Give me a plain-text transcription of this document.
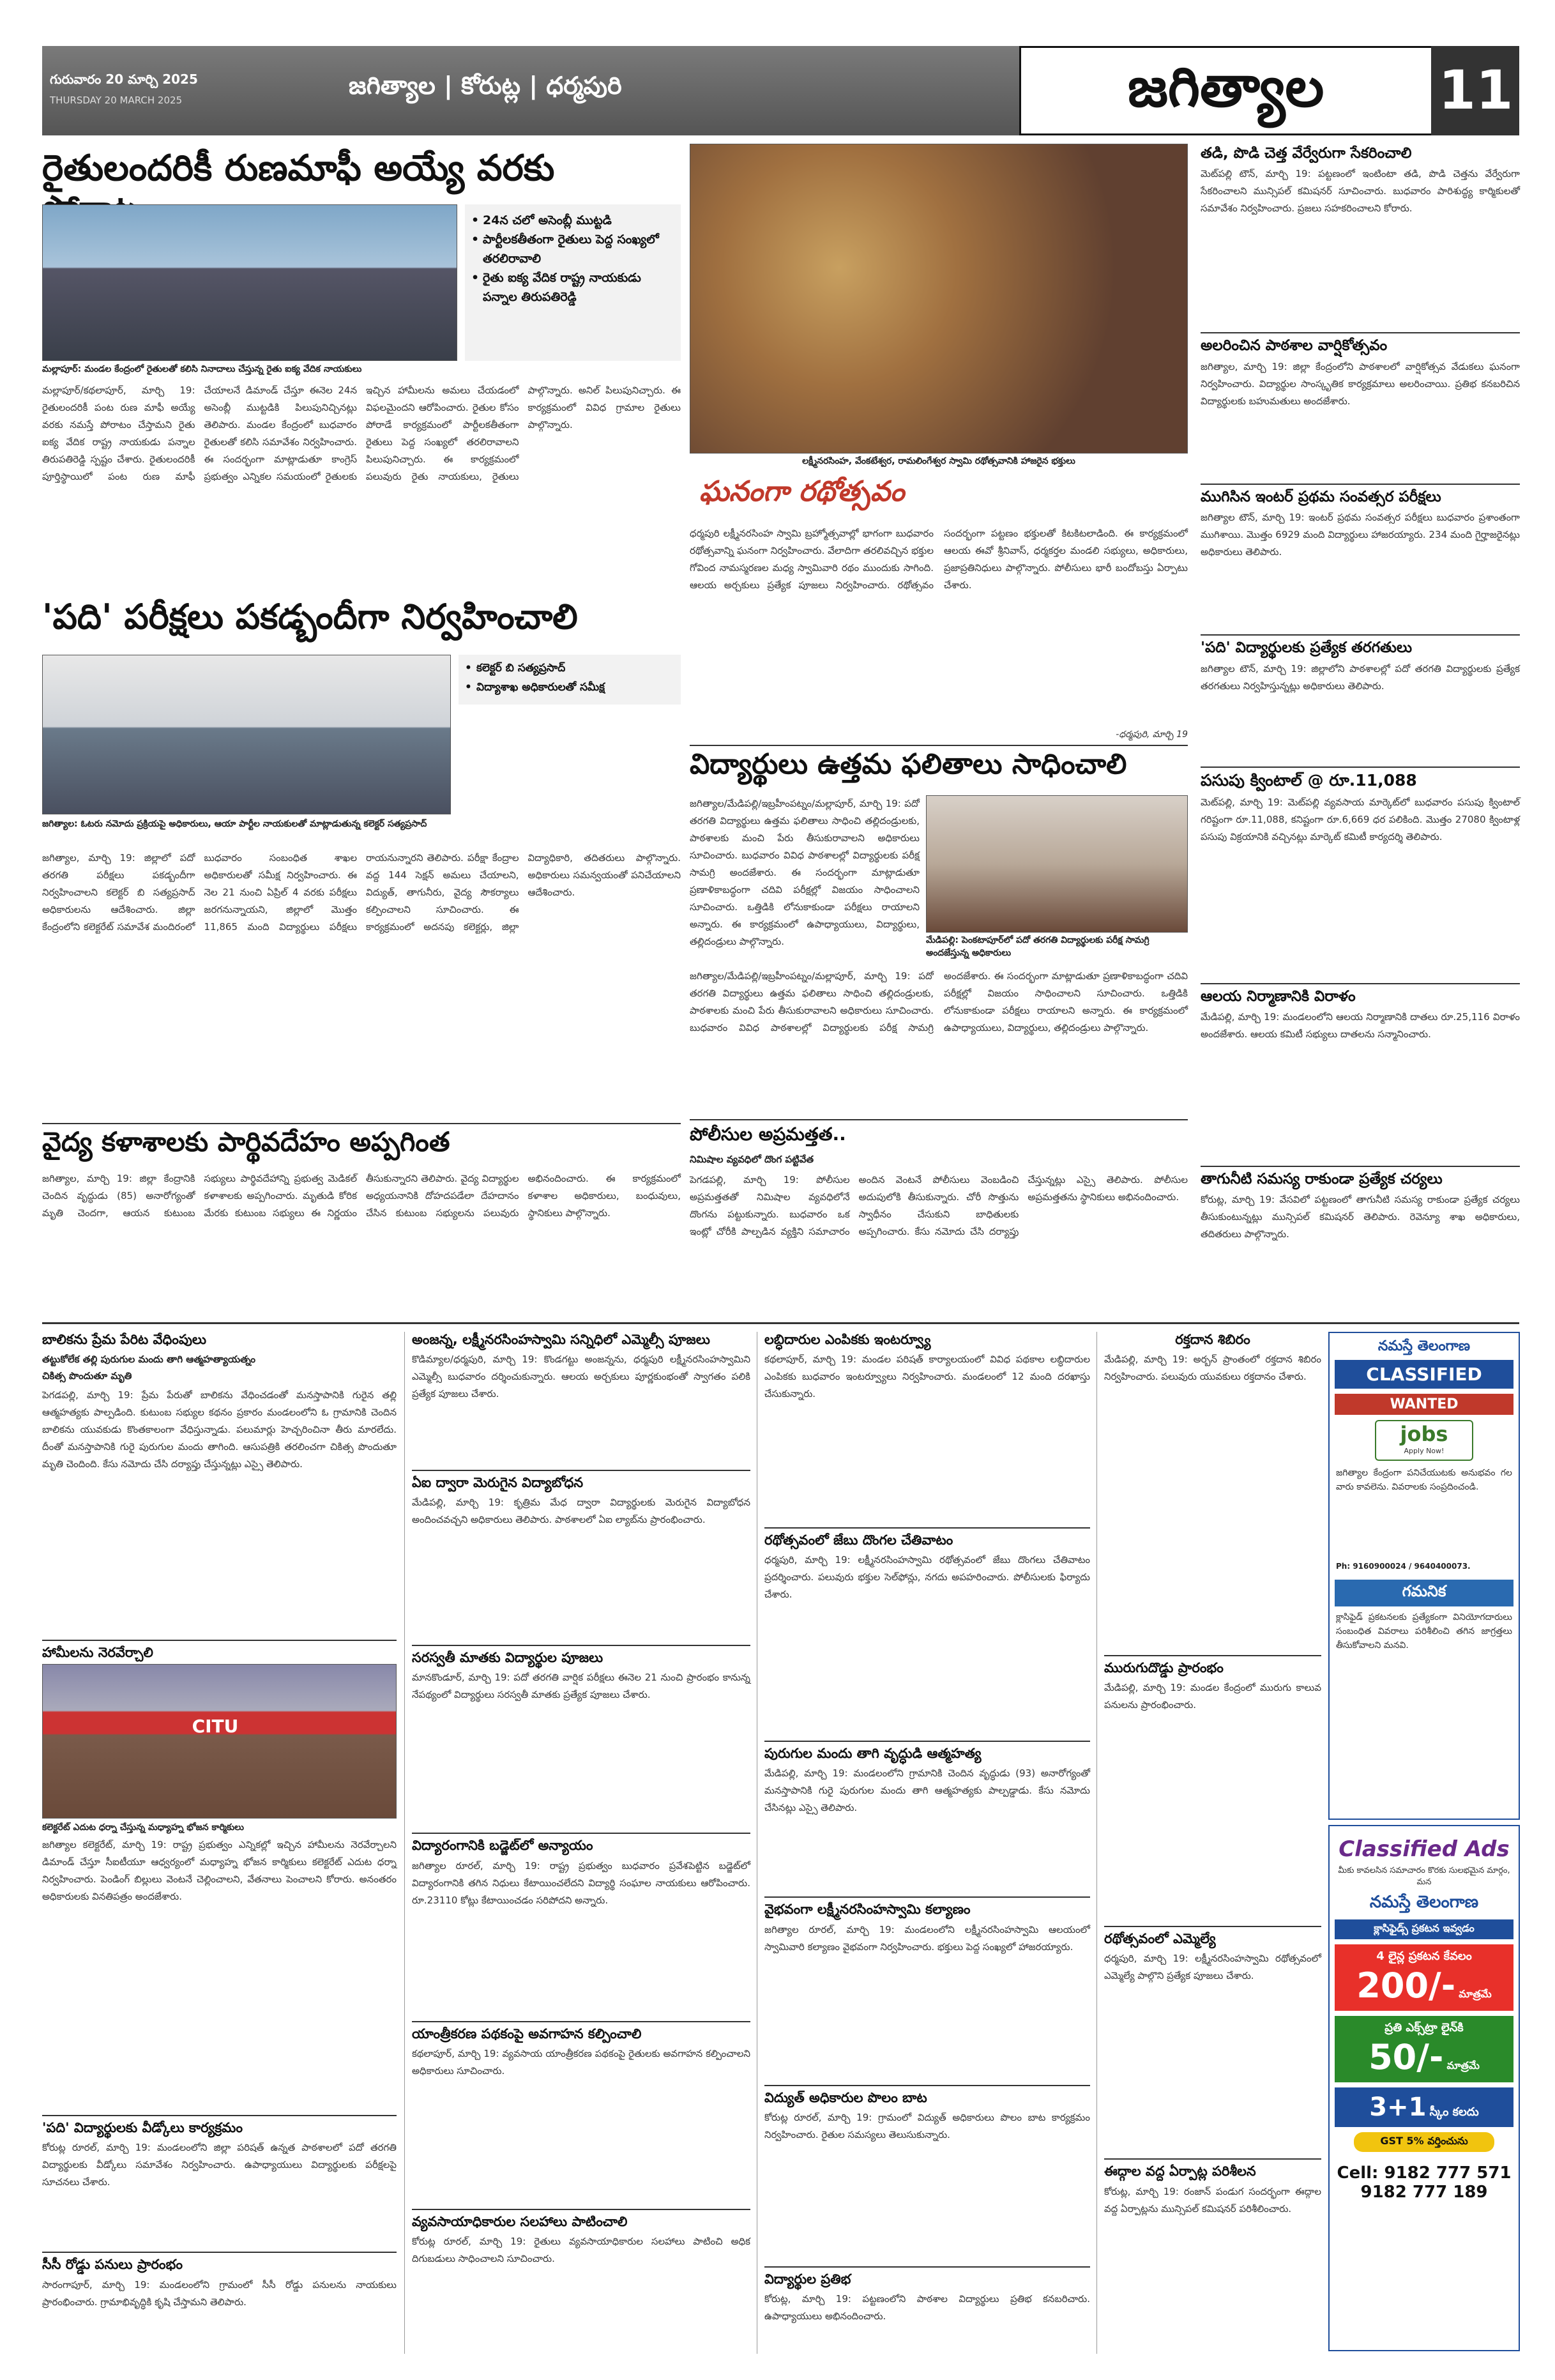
గురువారం 20 మార్చి 2025
THURSDAY 20 MARCH 2025
జగిత్యాల | కోరుట్ల | ధర్మపురి	జగిత్యాల	11
రైతులందరికీ రుణమాఫీ అయ్యే వరకు
• 24న చలో అసెంబ్లీ ముట్టడి
• పార్టీలకతీతంగా రైతులు పెద్ద సంఖ్యలో తరలిరావాలి
• రైతు ఐక్య వేదిక రాష్ట్ర నాయకుడు పన్నాల తిరుపతిరెడ్డి
మల్లాపూర్: మండల కేంద్రంలో రైతులతో కలిసి నినాదాలు చేస్తున్న రైతు ఐక్య వేదిక నాయకులు
మల్లాపూర్/కథలాపూర్, మార్చి 19: రైతులందరికీ పంట రుణ మాఫీ అయ్యే వరకు నమస్తే పోరాటం చేస్తామని రైతు ఐక్య వేదిక రాష్ట్ర నాయకుడు పన్నాల తిరుపతిరెడ్డి స్పష్టం చేశారు. రైతులందరికీ పూర్తిస్థాయిలో పంట రుణ మాఫీ చేయాలనే డిమాండ్‌ చేస్తూ ఈనెల 24న అసెంబ్లీ ముట్టడికి పిలుపునిచ్చినట్లు తెలిపారు. మండల కేంద్రంలో బుధవారం రైతులతో కలిసి సమావేశం నిర్వహించారు. ఈ సందర్భంగా మాట్లాడుతూ కాంగ్రెస్‌ ప్రభుత్వం ఎన్నికల సమయంలో రైతులకు ఇచ్చిన హామీలను అమలు చేయడంలో విఫలమైందని ఆరోపించారు. రైతుల కోసం పోరాడే కార్యక్రమంలో పార్టీలకతీతంగా రైతులు పెద్ద సంఖ్యలో తరలిరావాలని పిలుపునిచ్చారు. ఈ కార్యక్రమంలో పలువురు రైతు నాయకులు, రైతులు పాల్గొన్నారు. అనిల్ పిలుపునిచ్చారు. ఈ కార్యక్రమంలో వివిధ గ్రామాల రైతులు పాల్గొన్నారు.
'పది' పరీక్షలు పకడ్బందీగా నిర్వహించాలి
• కలెక్టర్ బి సత్యప్రసాద్
• విద్యాశాఖ అధికారులతో సమీక్ష
జగిత్యాల: ఓటరు నమోదు ప్రక్రియపై అధికారులు, ఆయా పార్టీల నాయకులతో మాట్లాడుతున్న కలెక్టర్ సత్యప్రసాద్
జగిత్యాల, మార్చి 19: జిల్లాలో పదో తరగతి పరీక్షలు పకడ్బందీగా నిర్వహించాలని కలెక్టర్ బి సత్యప్రసాద్ అధికారులను ఆదేశించారు. జిల్లా కేంద్రంలోని కలెక్టరేట్ సమావేశ మందిరంలో బుధవారం సంబంధిత శాఖల అధికారులతో సమీక్ష నిర్వహించారు. ఈ నెల 21 నుంచి ఏప్రిల్ 4 వరకు పరీక్షలు జరగనున్నాయని, జిల్లాలో మొత్తం 11,865 మంది విద్యార్థులు పరీక్షలు రాయనున్నారని తెలిపారు. పరీక్షా కేంద్రాల వద్ద 144 సెక్షన్ అమలు చేయాలని, విద్యుత్, తాగునీరు, వైద్య సౌకర్యాలు కల్పించాలని సూచించారు. ఈ కార్యక్రమంలో అదనపు కలెక్టర్లు, జిల్లా విద్యాధికారి, తదితరులు పాల్గొన్నారు. అధికారులు సమన్వయంతో పనిచేయాలని ఆదేశించారు.
వైద్య కళాశాలకు పార్థివదేహం అప్పగింత
జగిత్యాల, మార్చి 19: జిల్లా కేంద్రానికి చెందిన వృద్ధుడు (85) అనారోగ్యంతో మృతి చెందగా, ఆయన కుటుంబ సభ్యులు పార్థివదేహాన్ని ప్రభుత్వ మెడికల్ కళాశాలకు అప్పగించారు. మృతుడి కోరిక మేరకు కుటుంబ సభ్యులు ఈ నిర్ణయం తీసుకున్నారని తెలిపారు. వైద్య విద్యార్థుల అధ్యయనానికి దోహదపడేలా దేహదానం చేసిన కుటుంబ సభ్యులను పలువురు అభినందించారు. ఈ కార్యక్రమంలో కళాశాల అధికారులు, బంధువులు, స్థానికులు పాల్గొన్నారు.
లక్ష్మీనరసింహ, వేంకటేశ్వర, రామలింగేశ్వర స్వామి రథోత్సవానికి హాజరైన భక్తులు
ఘనంగా రథోత్సవం
ధర్మపురి లక్ష్మీనరసింహ స్వామి బ్రహ్మోత్సవాల్లో భాగంగా బుధవారం రథోత్సవాన్ని ఘనంగా నిర్వహించారు. వేలాదిగా తరలివచ్చిన భక్తుల గోవింద నామస్మరణల మధ్య స్వామివారి రథం ముందుకు సాగింది. ఆలయ అర్చకులు ప్రత్యేక పూజలు నిర్వహించారు. రథోత్సవం సందర్భంగా పట్టణం భక్తులతో కిటకిటలాడింది. ఈ కార్యక్రమంలో ఆలయ ఈవో శ్రీనివాస్, ధర్మకర్తల మండలి సభ్యులు, అధికారులు, ప్రజాప్రతినిధులు పాల్గొన్నారు. పోలీసులు భారీ బందోబస్తు ఏర్పాటు చేశారు.
-ధర్మపురి, మార్చి 19
విద్యార్థులు ఉత్తమ ఫలితాలు సాధించాలి
జగిత్యాల/మేడిపల్లి/ఇబ్రహీంపట్నం/మల్లాపూర్, మార్చి 19: పదో తరగతి విద్యార్థులు ఉత్తమ ఫలితాలు సాధించి తల్లిదండ్రులకు, పాఠశాలకు మంచి పేరు తీసుకురావాలని అధికారులు సూచించారు. బుధవారం వివిధ పాఠశాలల్లో విద్యార్థులకు పరీక్ష సామగ్రి అందజేశారు. ఈ సందర్భంగా మాట్లాడుతూ ప్రణాళికాబద్ధంగా చదివి పరీక్షల్లో విజయం సాధించాలని సూచించారు. ఒత్తిడికి లోనుకాకుండా పరీక్షలు రాయాలని అన్నారు. ఈ కార్యక్రమంలో ఉపాధ్యాయులు, విద్యార్థులు, తల్లిదండ్రులు పాల్గొన్నారు.	మేడిపల్లి: పెంకటాపూర్‌లో పదో తరగతి విద్యార్థులకు పరీక్ష సామగ్రి అందజేస్తున్న అధికారులు
జగిత్యాల/మేడిపల్లి/ఇబ్రహీంపట్నం/మల్లాపూర్, మార్చి 19: పదో తరగతి విద్యార్థులు ఉత్తమ ఫలితాలు సాధించి తల్లిదండ్రులకు, పాఠశాలకు మంచి పేరు తీసుకురావాలని అధికారులు సూచించారు. బుధవారం వివిధ పాఠశాలల్లో విద్యార్థులకు పరీక్ష సామగ్రి అందజేశారు. ఈ సందర్భంగా మాట్లాడుతూ ప్రణాళికాబద్ధంగా చదివి పరీక్షల్లో విజయం సాధించాలని సూచించారు. ఒత్తిడికి లోనుకాకుండా పరీక్షలు రాయాలని అన్నారు. ఈ కార్యక్రమంలో ఉపాధ్యాయులు, విద్యార్థులు, తల్లిదండ్రులు పాల్గొన్నారు.
పోలీసుల అప్రమత్తత..
నిమిషాల వ్యవధిలో దొంగ పట్టివేత
పెగడపల్లి, మార్చి 19: పోలీసుల అప్రమత్తతతో నిమిషాల వ్యవధిలోనే దొంగను పట్టుకున్నారు. బుధవారం ఒక ఇంట్లో చోరీకి పాల్పడిన వ్యక్తిని సమాచారం అందిన వెంటనే పోలీసులు వెంబడించి అదుపులోకి తీసుకున్నారు. చోరీ సొత్తును స్వాధీనం చేసుకుని బాధితులకు అప్పగించారు. కేసు నమోదు చేసి దర్యాప్తు చేస్తున్నట్లు ఎస్సై తెలిపారు. పోలీసుల అప్రమత్తతను స్థానికులు అభినందించారు.
తడి, పొడి చెత్త వేర్వేరుగా సేకరించాలి
మెట్‌పల్లి టౌన్, మార్చి 19: పట్టణంలో ఇంటింటా తడి, పొడి చెత్తను వేర్వేరుగా సేకరించాలని మున్సిపల్ కమిషనర్ సూచించారు. బుధవారం పారిశుద్ధ్య కార్మికులతో సమావేశం నిర్వహించారు. ప్రజలు సహకరించాలని కోరారు.
అలరించిన పాఠశాల వార్షికోత్సవం
జగిత్యాల, మార్చి 19: జిల్లా కేంద్రంలోని పాఠశాలలో వార్షికోత్సవ వేడుకలు ఘనంగా నిర్వహించారు. విద్యార్థుల సాంస్కృతిక కార్యక్రమాలు అలరించాయి. ప్రతిభ కనబరిచిన విద్యార్థులకు బహుమతులు అందజేశారు.
ముగిసిన ఇంటర్ ప్రథమ సంవత్సర పరీక్షలు
జగిత్యాల టౌన్, మార్చి 19: ఇంటర్ ప్రథమ సంవత్సర పరీక్షలు బుధవారం ప్రశాంతంగా ముగిశాయి. మొత్తం 6929 మంది విద్యార్థులు హాజరయ్యారు. 234 మంది గైర్హాజరైనట్లు అధికారులు తెలిపారు.
'పది' విద్యార్థులకు ప్రత్యేక తరగతులు
జగిత్యాల టౌన్, మార్చి 19: జిల్లాలోని పాఠశాలల్లో పదో తరగతి విద్యార్థులకు ప్రత్యేక తరగతులు నిర్వహిస్తున్నట్లు అధికారులు తెలిపారు.
పసుపు క్వింటాల్ @ రూ.11,088
మెట్‌పల్లి, మార్చి 19: మెట్‌పల్లి వ్యవసాయ మార్కెట్‌లో బుధవారం పసుపు క్వింటాల్ గరిష్టంగా రూ.11,088, కనిష్టంగా రూ.6,669 ధర పలికింది. మొత్తం 27080 క్వింటాళ్ల పసుపు విక్రయానికి వచ్చినట్లు మార్కెట్ కమిటీ కార్యదర్శి తెలిపారు.
ఆలయ నిర్మాణానికి విరాళం
మేడిపల్లి, మార్చి 19: మండలంలోని ఆలయ నిర్మాణానికి దాతలు రూ.25,116 విరాళం అందజేశారు. ఆలయ కమిటీ సభ్యులు దాతలను సన్మానించారు.
తాగునీటి సమస్య రాకుండా ప్రత్యేక చర్యలు
కోరుట్ల, మార్చి 19: వేసవిలో పట్టణంలో తాగునీటి సమస్య రాకుండా ప్రత్యేక చర్యలు తీసుకుంటున్నట్లు మున్సిపల్ కమిషనర్ తెలిపారు. రెవెన్యూ శాఖ అధికారులు, తదితరులు పాల్గొన్నారు.
బాలికను ప్రేమ పేరిట వేధింపులు
తట్టుకోలేక తల్లి పురుగుల మందు తాగి ఆత్మహత్యాయత్నం
చికిత్స పొందుతూ మృతి
పెగడపల్లి, మార్చి 19: ప్రేమ పేరుతో బాలికను వేధించడంతో మనస్తాపానికి గురైన తల్లి ఆత్మహత్యకు పాల్పడింది. కుటుంబ సభ్యుల కథనం ప్రకారం మండలంలోని ఓ గ్రామానికి చెందిన బాలికను యువకుడు కొంతకాలంగా వేధిస్తున్నాడు. పలుమార్లు హెచ్చరించినా తీరు మారలేదు. దీంతో మనస్తాపానికి గురై పురుగుల మందు తాగింది. ఆసుపత్రికి తరలించగా చికిత్స పొందుతూ మృతి చెందింది. కేసు నమోదు చేసి దర్యాప్తు చేస్తున్నట్లు ఎస్సై తెలిపారు.
హామీలను నెరవేర్చాలి
CITU
కలెక్టరేట్ ఎదుట ధర్నా చేస్తున్న మధ్యాహ్న భోజన కార్మికులు
జగిత్యాల కలెక్టరేట్, మార్చి 19: రాష్ట్ర ప్రభుత్వం ఎన్నికల్లో ఇచ్చిన హామీలను నెరవేర్చాలని డిమాండ్ చేస్తూ సీఐటీయూ ఆధ్వర్యంలో మధ్యాహ్న భోజన కార్మికులు కలెక్టరేట్ ఎదుట ధర్నా నిర్వహించారు. పెండింగ్ బిల్లులు వెంటనే చెల్లించాలని, వేతనాలు పెంచాలని కోరారు. అనంతరం అధికారులకు వినతిపత్రం అందజేశారు.
'పది' విద్యార్థులకు వీడ్కోలు కార్యక్రమం
కోరుట్ల రూరల్, మార్చి 19: మండలంలోని జిల్లా పరిషత్ ఉన్నత పాఠశాలలో పదో తరగతి విద్యార్థులకు వీడ్కోలు సమావేశం నిర్వహించారు. ఉపాధ్యాయులు విద్యార్థులకు పరీక్షలపై సూచనలు చేశారు.
సీసీ రోడ్డు పనులు ప్రారంభం
సారంగాపూర్, మార్చి 19: మండలంలోని గ్రామంలో సీసీ రోడ్డు పనులను నాయకులు ప్రారంభించారు. గ్రామాభివృద్ధికి కృషి చేస్తామని తెలిపారు.
అంజన్న, లక్ష్మీనరసింహస్వామి సన్నిధిలో ఎమ్మెల్సీ పూజలు
కొడిమ్యాల/ధర్మపురి, మార్చి 19: కొండగట్టు అంజన్నను, ధర్మపురి లక్ష్మీనరసింహస్వామిని ఎమ్మెల్సీ బుధవారం దర్శించుకున్నారు. ఆలయ అర్చకులు పూర్ణకుంభంతో స్వాగతం పలికి ప్రత్యేక పూజలు చేశారు.
ఏఐ ద్వారా మెరుగైన విద్యాబోధన
మేడిపల్లి, మార్చి 19: కృత్రిమ మేధ ద్వారా విద్యార్థులకు మెరుగైన విద్యాబోధన అందించవచ్చని అధికారులు తెలిపారు. పాఠశాలలో ఏఐ ల్యాబ్‌ను ప్రారంభించారు.
సరస్వతీ మాతకు విద్యార్థుల పూజలు
మానకొండూర్, మార్చి 19: పదో తరగతి వార్షిక పరీక్షలు ఈనెల 21 నుంచి ప్రారంభం కానున్న నేపథ్యంలో విద్యార్థులు సరస్వతీ మాతకు ప్రత్యేక పూజలు చేశారు.
విద్యారంగానికి బడ్జెట్‌లో అన్యాయం
జగిత్యాల రూరల్, మార్చి 19: రాష్ట్ర ప్రభుత్వం బుధవారం ప్రవేశపెట్టిన బడ్జెట్‌లో విద్యారంగానికి తగిన నిధులు కేటాయించలేదని విద్యార్థి సంఘాల నాయకులు ఆరోపించారు. రూ.23110 కోట్లు కేటాయించడం సరిపోదని అన్నారు.
యాంత్రీకరణ పథకంపై అవగాహన కల్పించాలి
కథలాపూర్, మార్చి 19: వ్యవసాయ యాంత్రీకరణ పథకంపై రైతులకు అవగాహన కల్పించాలని అధికారులు సూచించారు.
వ్యవసాయాధికారుల సలహాలు పాటించాలి
కోరుట్ల రూరల్, మార్చి 19: రైతులు వ్యవసాయాధికారుల సలహాలు పాటించి అధిక దిగుబడులు సాధించాలని సూచించారు.
లబ్ధిదారుల ఎంపికకు ఇంటర్వ్యూ
కథలాపూర్, మార్చి 19: మండల పరిషత్ కార్యాలయంలో వివిధ పథకాల లబ్ధిదారుల ఎంపికకు బుధవారం ఇంటర్వ్యూలు నిర్వహించారు. మండలంలో 12 మంది దరఖాస్తు చేసుకున్నారు.
రథోత్సవంలో జేబు దొంగల చేతివాటం
ధర్మపురి, మార్చి 19: లక్ష్మీనరసింహస్వామి రథోత్సవంలో జేబు దొంగలు చేతివాటం ప్రదర్శించారు. పలువురు భక్తుల సెల్‌ఫోన్లు, నగదు అపహరించారు. పోలీసులకు ఫిర్యాదు చేశారు.
పురుగుల మందు తాగి వృద్ధుడి ఆత్మహత్య
మేడిపల్లి, మార్చి 19: మండలంలోని గ్రామానికి చెందిన వృద్ధుడు (93) అనారోగ్యంతో మనస్తాపానికి గురై పురుగుల మందు తాగి ఆత్మహత్యకు పాల్పడ్డాడు. కేసు నమోదు చేసినట్లు ఎస్సై తెలిపారు.
వైభవంగా లక్ష్మీనరసింహస్వామి కల్యాణం
జగిత్యాల రూరల్, మార్చి 19: మండలంలోని లక్ష్మీనరసింహస్వామి ఆలయంలో స్వామివారి కల్యాణం వైభవంగా నిర్వహించారు. భక్తులు పెద్ద సంఖ్యలో హాజరయ్యారు.
విద్యుత్ అధికారుల పొలం బాట
కోరుట్ల రూరల్, మార్చి 19: గ్రామంలో విద్యుత్ అధికారులు పొలం బాట కార్యక్రమం నిర్వహించారు. రైతుల సమస్యలు తెలుసుకున్నారు.
విద్యార్థుల ప్రతిభ
కోరుట్ల, మార్చి 19: పట్టణంలోని పాఠశాల విద్యార్థులు ప్రతిభ కనబరిచారు. ఉపాధ్యాయులు అభినందించారు.
రక్తదాన శిబిరం
మేడిపల్లి, మార్చి 19: అర్బన్ ప్రాంతంలో రక్తదాన శిబిరం నిర్వహించారు. పలువురు యువకులు రక్తదానం చేశారు.
మురుగుదొడ్డు ప్రారంభం
మేడిపల్లి, మార్చి 19: మండల కేంద్రంలో మురుగు కాలువ పనులను ప్రారంభించారు.
రథోత్సవంలో ఎమ్మెల్యే
ధర్మపురి, మార్చి 19: లక్ష్మీనరసింహస్వామి రథోత్సవంలో ఎమ్మెల్యే పాల్గొని ప్రత్యేక పూజలు చేశారు.
ఈద్గాల వద్ద ఏర్పాట్ల పరిశీలన
కోరుట్ల, మార్చి 19: రంజాన్ పండుగ సందర్భంగా ఈద్గాల వద్ద ఏర్పాట్లను మున్సిపల్ కమిషనర్ పరిశీలించారు.
నమస్తే తెలంగాణ
CLASSIFIED
WANTED
jobs
Apply Now!
జగిత్యాల కేంద్రంగా పనిచేయుటకు అనుభవం గల వారు కావలెను. వివరాలకు సంప్రదించండి.
Ph: 9160900024 / 9640400073.
గమనిక
క్లాసిఫైడ్ ప్రకటనలకు ప్రత్యేకంగా వినియోగదారులు సంబంధిత వివరాలు పరిశీలించి తగిన జాగ్రత్తలు తీసుకోవాలని మనవి.
Classified Ads
మీకు కావలసిన సమాచారం కొరకు సులభమైన మార్గం, మన
నమస్తే తెలంగాణ
క్లాసిఫైడ్స్ ప్రకటన ఇవ్వడం
4 లైన్ల ప్రకటన కేవలం
200/- మాత్రమే
ప్రతి ఎక్స్‌ట్రా లైన్‌కి
50/- మాత్రమే
3+1 స్కీం కలదు
GST 5% వర్తించును
Cell: 9182 777 571
9182 777 189
